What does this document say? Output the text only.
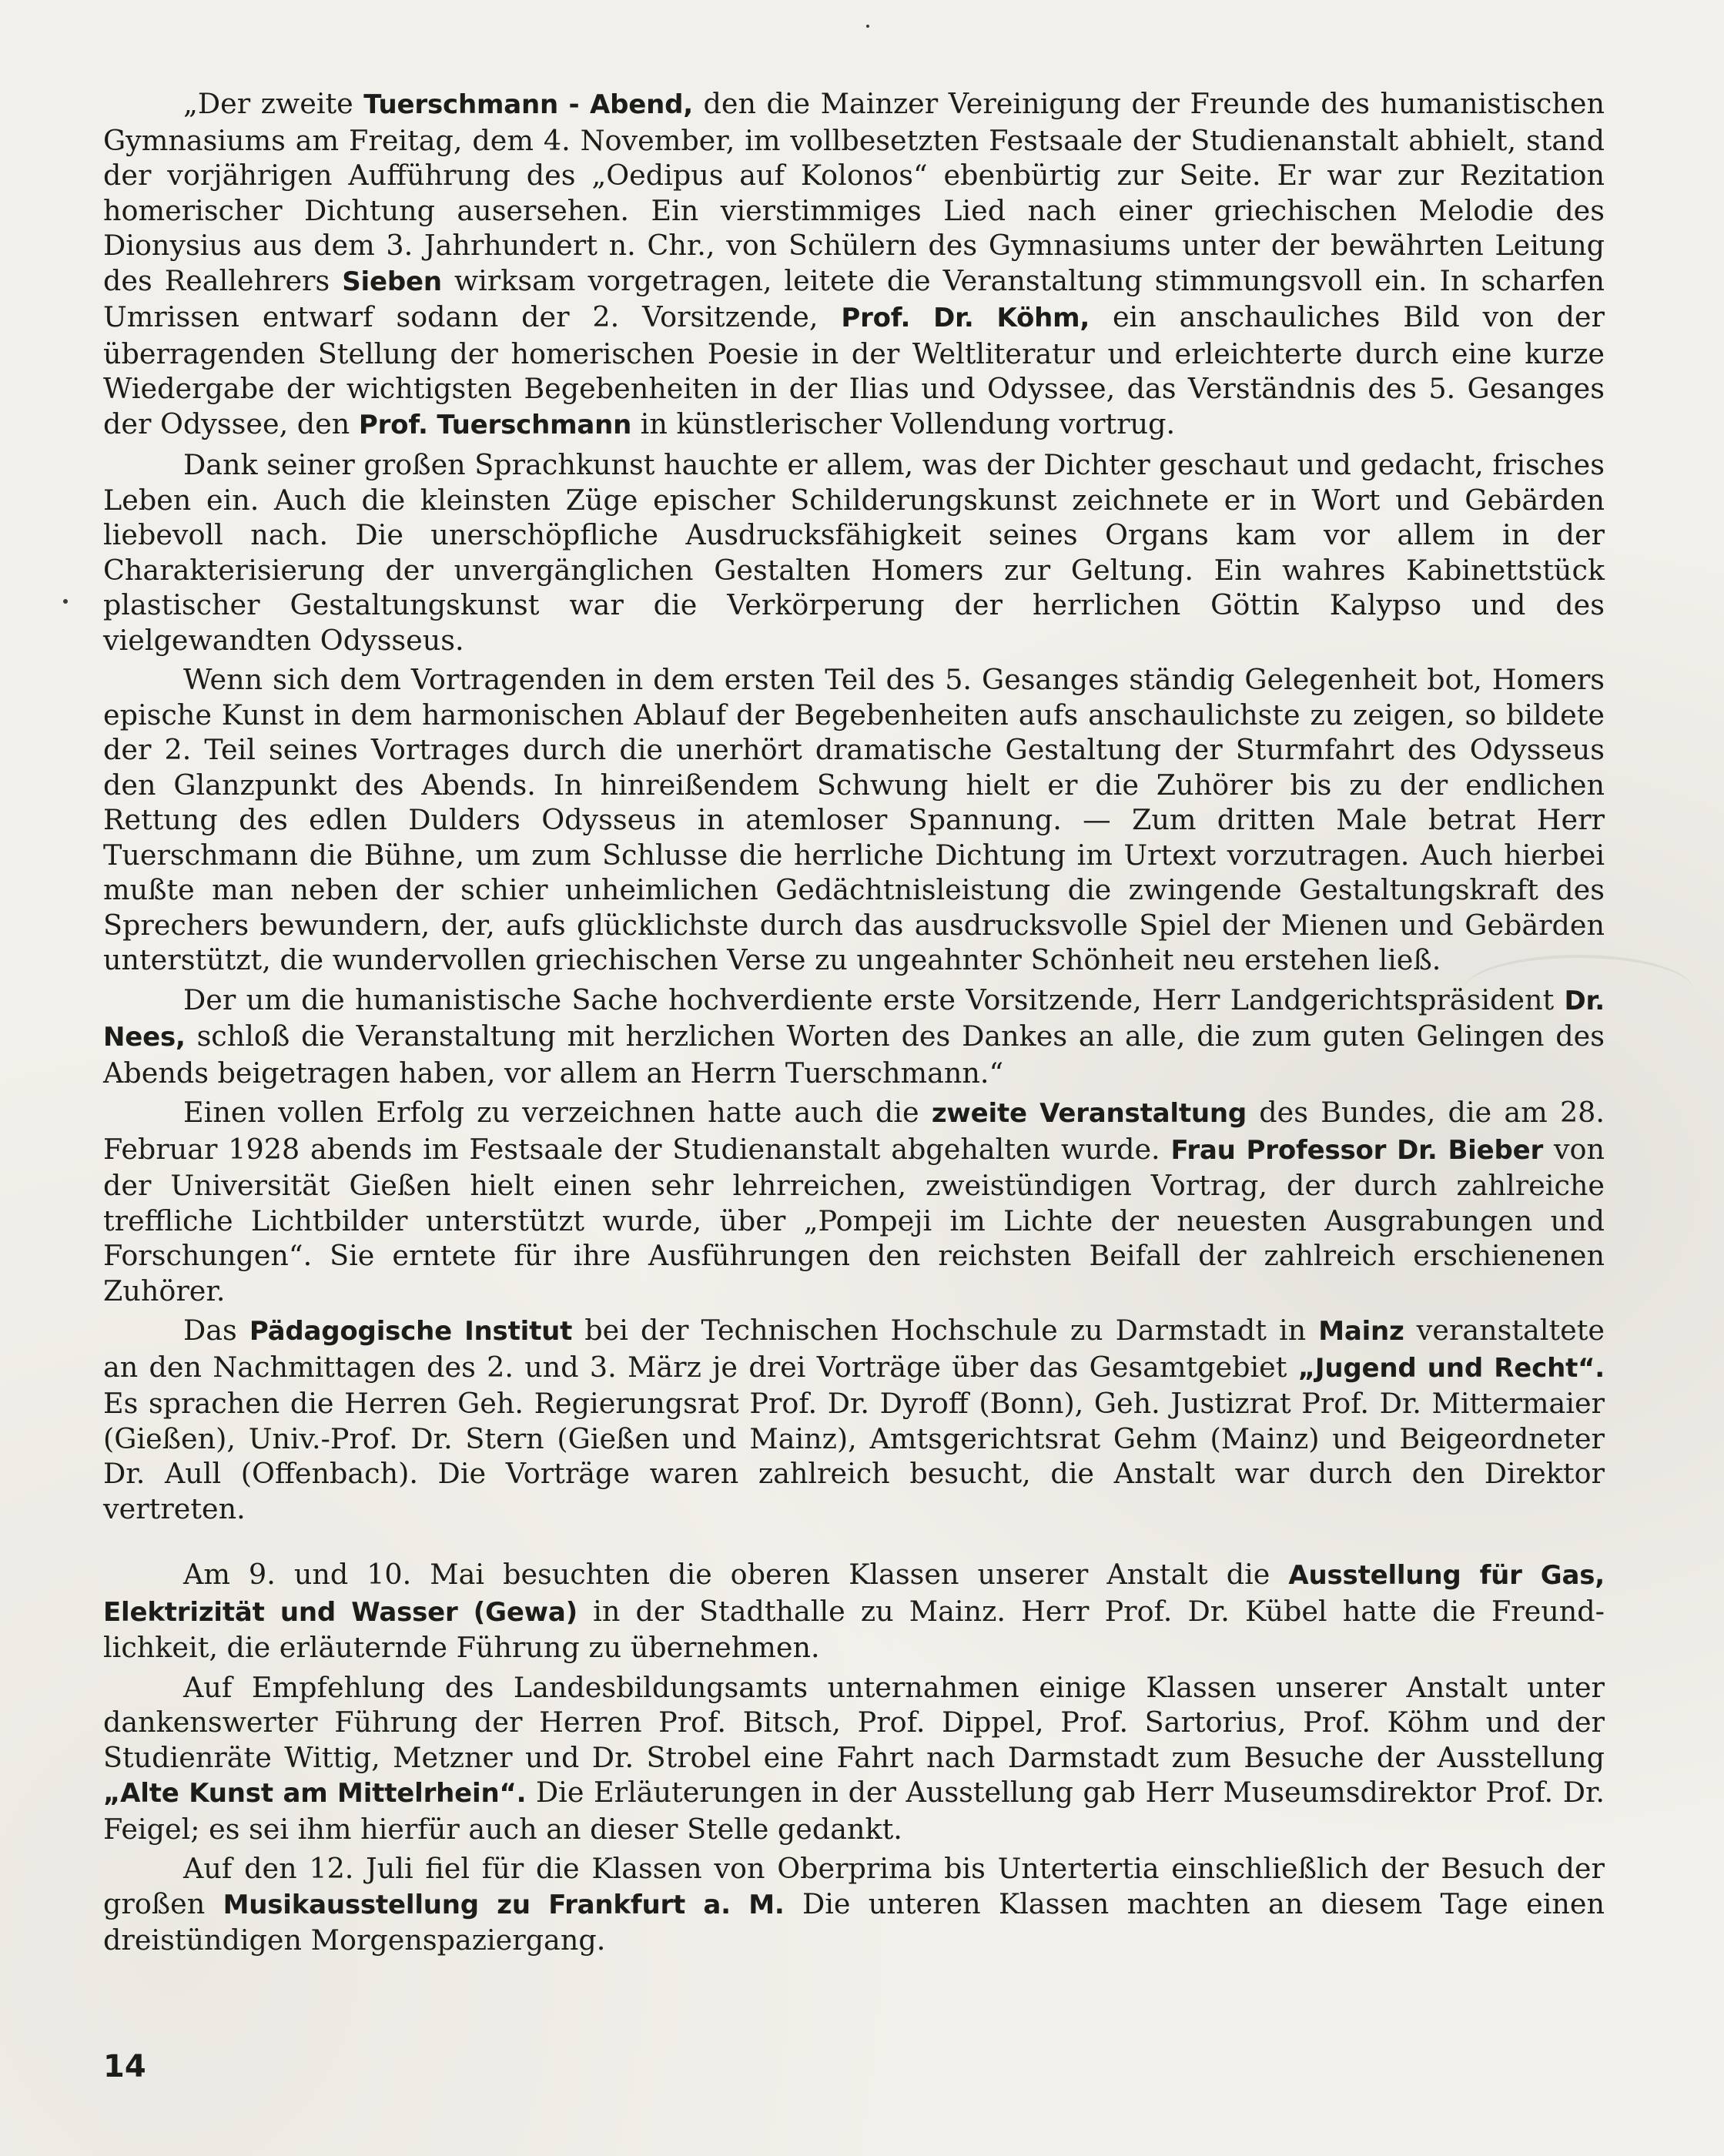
„Der zweite Tuerschmann - Abend, den die Mainzer Vereinigung der Freunde des humanistischen Gymnasiums am Freitag, dem 4. November, im vollbesetzten Festsaale der Studienanstalt abhielt, stand der vorjährigen Aufführung des „Oedipus auf Kolonos“ ebenbürtig zur Seite. Er war zur Rezitation homerischer Dichtung ausersehen. Ein vierstimmiges Lied nach einer griechischen Melodie des Dionysius aus dem 3. Jahrhundert n. Chr., von Schülern des Gymnasiums unter der bewährten Leitung des Reallehrers Sieben wirksam vorgetragen, leitete die Veranstaltung stimmungsvoll ein. In scharfen Umrissen entwarf sodann der 2. Vorsitzende, Prof. Dr. Köhm, ein anschauliches Bild von der überragenden Stellung der homerischen Poesie in der Weltliteratur und erleichterte durch eine kurze Wiedergabe der wichtigsten Begebenheiten in der Ilias und Odyssee, das Verständnis des 5. Gesanges der Odyssee, den Prof. Tuerschmann in künstlerischer Vollendung vortrug.

Dank seiner großen Sprachkunst hauchte er allem, was der Dichter geschaut und gedacht, frisches Leben ein. Auch die kleinsten Züge epischer Schilderungskunst zeichnete er in Wort und Gebärden liebevoll nach. Die unerschöpfliche Ausdrucksfähigkeit seines Organs kam vor allem in der Charakterisierung der unvergänglichen Gestalten Homers zur Geltung. Ein wahres Kabinettstück plastischer Gestaltungskunst war die Verkörperung der herrlichen Göttin Kalypso und des vielgewandten Odysseus.

Wenn sich dem Vortragenden in dem ersten Teil des 5. Gesanges ständig Gelegenheit bot, Homers epische Kunst in dem harmonischen Ablauf der Begebenheiten aufs anschaulichste zu zeigen, so bildete der 2. Teil seines Vortrages durch die unerhört dramatische Gestaltung der Sturmfahrt des Odysseus den Glanzpunkt des Abends. In hinreißendem Schwung hielt er die Zuhörer bis zu der endlichen Rettung des edlen Dulders Odysseus in atemloser Spannung. — Zum dritten Male betrat Herr Tuerschmann die Bühne, um zum Schlusse die herrliche Dichtung im Urtext vorzutragen. Auch hierbei mußte man neben der schier unheimlichen Gedächtnisleistung die zwingende Gestaltungskraft des Sprechers bewundern, der, aufs glücklichste durch das ausdrucksvolle Spiel der Mienen und Gebärden unterstützt, die wundervollen griechischen Verse zu ungeahnter Schönheit neu erstehen ließ.

Der um die humanistische Sache hochverdiente erste Vorsitzende, Herr Landgerichtspräsident Dr. Nees, schloß die Veranstaltung mit herzlichen Worten des Dankes an alle, die zum guten Gelingen des Abends beigetragen haben, vor allem an Herrn Tuerschmann.“

Einen vollen Erfolg zu verzeichnen hatte auch die zweite Veranstaltung des Bundes, die am 28. Februar 1928 abends im Festsaale der Studienanstalt abgehalten wurde. Frau Professor Dr. Bieber von der Universität Gießen hielt einen sehr lehrreichen, zweistündigen Vortrag, der durch zahlreiche treffliche Lichtbilder unterstützt wurde, über „Pompeji im Lichte der neuesten Ausgrabungen und Forschungen“. Sie erntete für ihre Ausführungen den reichsten Beifall der zahlreich erschienenen Zuhörer.

Das Pädagogische Institut bei der Technischen Hochschule zu Darmstadt in Mainz veranstaltete an den Nachmittagen des 2. und 3. März je drei Vorträge über das Gesamtgebiet „Jugend und Recht“. Es sprachen die Herren Geh. Regierungsrat Prof. Dr. Dyroff (Bonn), Geh. Justizrat Prof. Dr. Mittermaier (Gießen), Univ.-Prof. Dr. Stern (Gießen und Mainz), Amtsgerichtsrat Gehm (Mainz) und Beigeordneter Dr. Aull (Offenbach). Die Vorträge waren zahlreich besucht, die Anstalt war durch den Direktor vertreten.

Am 9. und 10. Mai besuchten die oberen Klassen unserer Anstalt die Ausstellung für Gas, Elektrizität und Wasser (Gewa) in der Stadthalle zu Mainz. Herr Prof. Dr. Kübel hatte die Freundlichkeit, die erläuternde Führung zu übernehmen.

Auf Empfehlung des Landesbildungsamts unternahmen einige Klassen unserer Anstalt unter dankenswerter Führung der Herren Prof. Bitsch, Prof. Dippel, Prof. Sartorius, Prof. Köhm und der Studienräte Wittig, Metzner und Dr. Strobel eine Fahrt nach Darmstadt zum Besuche der Ausstellung „Alte Kunst am Mittelrhein“. Die Erläuterungen in der Ausstellung gab Herr Museumsdirektor Prof. Dr. Feigel; es sei ihm hierfür auch an dieser Stelle gedankt.

Auf den 12. Juli fiel für die Klassen von Oberprima bis Untertertia einschließlich der Besuch der großen Musikausstellung zu Frankfurt a. M. Die unteren Klassen machten an diesem Tage einen dreistündigen Morgenspaziergang.

14
